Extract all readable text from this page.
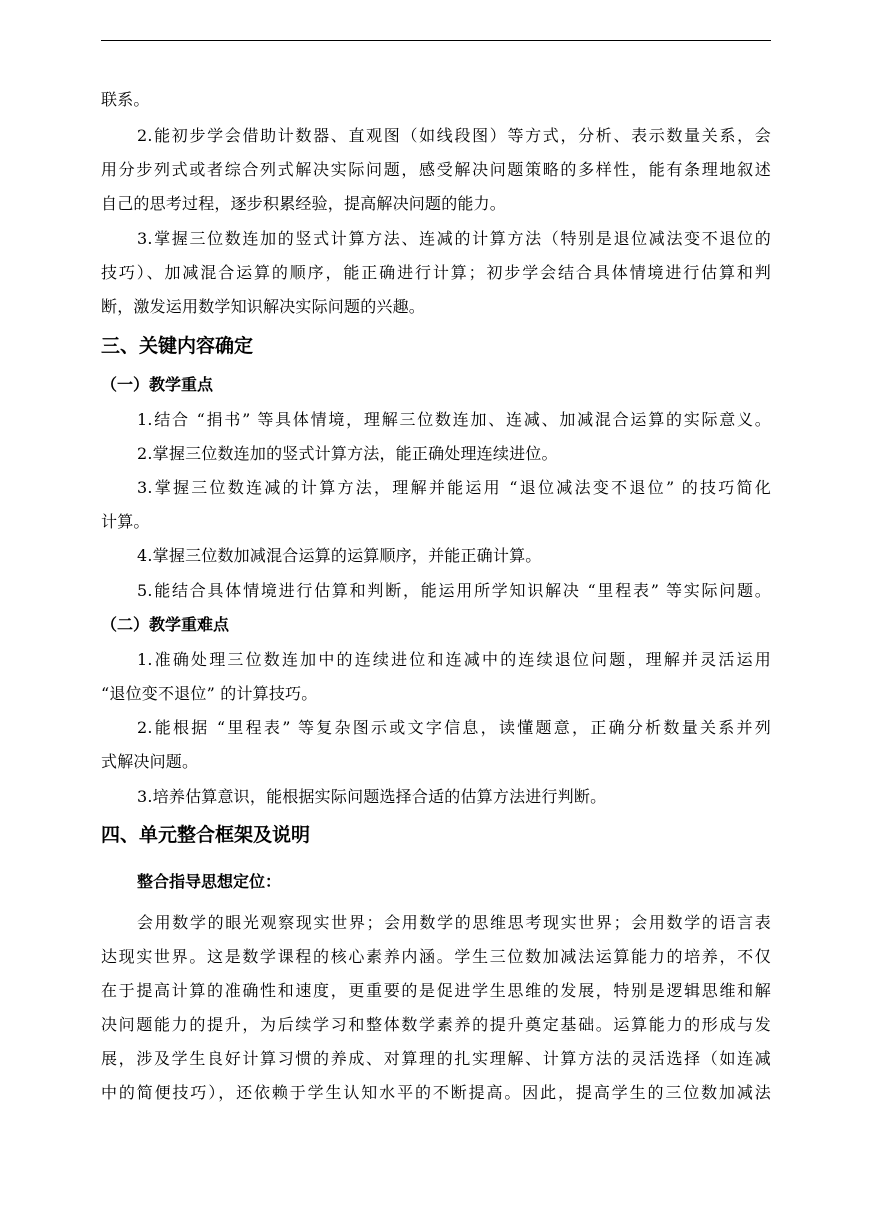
联系。
2.能初步学会借助计数器、直观图（如线段图）等方式，分析、表示数量关系，会
用分步列式或者综合列式解决实际问题，感受解决问题策略的多样性，能有条理地叙述
自己的思考过程，逐步积累经验，提高解决问题的能力。
3.掌握三位数连加的竖式计算方法、连减的计算方法（特别是退位减法变不退位的
技巧）、加减混合运算的顺序，能正确进行计算；初步学会结合具体情境进行估算和判
断，激发运用数学知识解决实际问题的兴趣。
三、关键内容确定
（一）教学重点
1.结合 “捐书” 等具体情境，理解三位数连加、连减、加减混合运算的实际意义。
2.掌握三位数连加的竖式计算方法，能正确处理连续进位。
3.掌握三位数连减的计算方法，理解并能运用 “退位减法变不退位” 的技巧简化
计算。
4.掌握三位数加减混合运算的运算顺序，并能正确计算。
5.能结合具体情境进行估算和判断，能运用所学知识解决 “里程表” 等实际问题。
（二）教学重难点
1.准确处理三位数连加中的连续进位和连减中的连续退位问题，理解并灵活运用
“退位变不退位” 的计算技巧。
2.能根据 “里程表” 等复杂图示或文字信息，读懂题意，正确分析数量关系并列
式解决问题。
3.培养估算意识，能根据实际问题选择合适的估算方法进行判断。
四、单元整合框架及说明
整合指导思想定位：
会用数学的眼光观察现实世界；会用数学的思维思考现实世界；会用数学的语言表
达现实世界。这是数学课程的核心素养内涵。学生三位数加减法运算能力的培养，不仅
在于提高计算的准确性和速度，更重要的是促进学生思维的发展，特别是逻辑思维和解
决问题能力的提升，为后续学习和整体数学素养的提升奠定基础。运算能力的形成与发
展，涉及学生良好计算习惯的养成、对算理的扎实理解、计算方法的灵活选择（如连减
中的简便技巧），还依赖于学生认知水平的不断提高。因此，提高学生的三位数加减法
